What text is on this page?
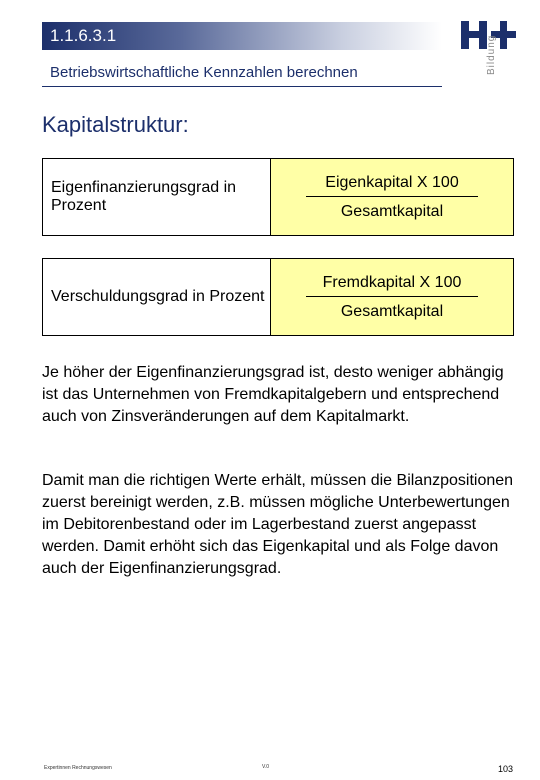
1.1.6.3.1
Betriebswirtschaftliche Kennzahlen berechnen	Bildung
Kapitalstruktur:
Eigenfinanzierungsgrad in Prozent	$\frac{\text{Eigenkapital X 100}}{\text{Gesamtkapital}}$
Verschuldungsgrad in Prozent $\frac{\text{Fremdkapital X 100}}{\text{Gesamtkapital}}$
Je höher der Eigenfinanzierungsgrad ist, desto weniger abhängig ist das Unternehmen von Fremdkapitalgebern und entsprechend auch von Zinsveränderungen auf dem Kapitalmarkt.
Damit man die richtigen Werte erhält, müssen die Bilanzpositionen zuerst bereinigt werden, z.B. müssen mögliche Unterbewertungen im Debitorenbestand oder im Lagerbestand zuerst angepasst werden. Damit erhöht sich das Eigenkapital und als Folge davon auch der Eigenfinanzierungsgrad.
Expertinnen Rechnungswesen	V.0	103
